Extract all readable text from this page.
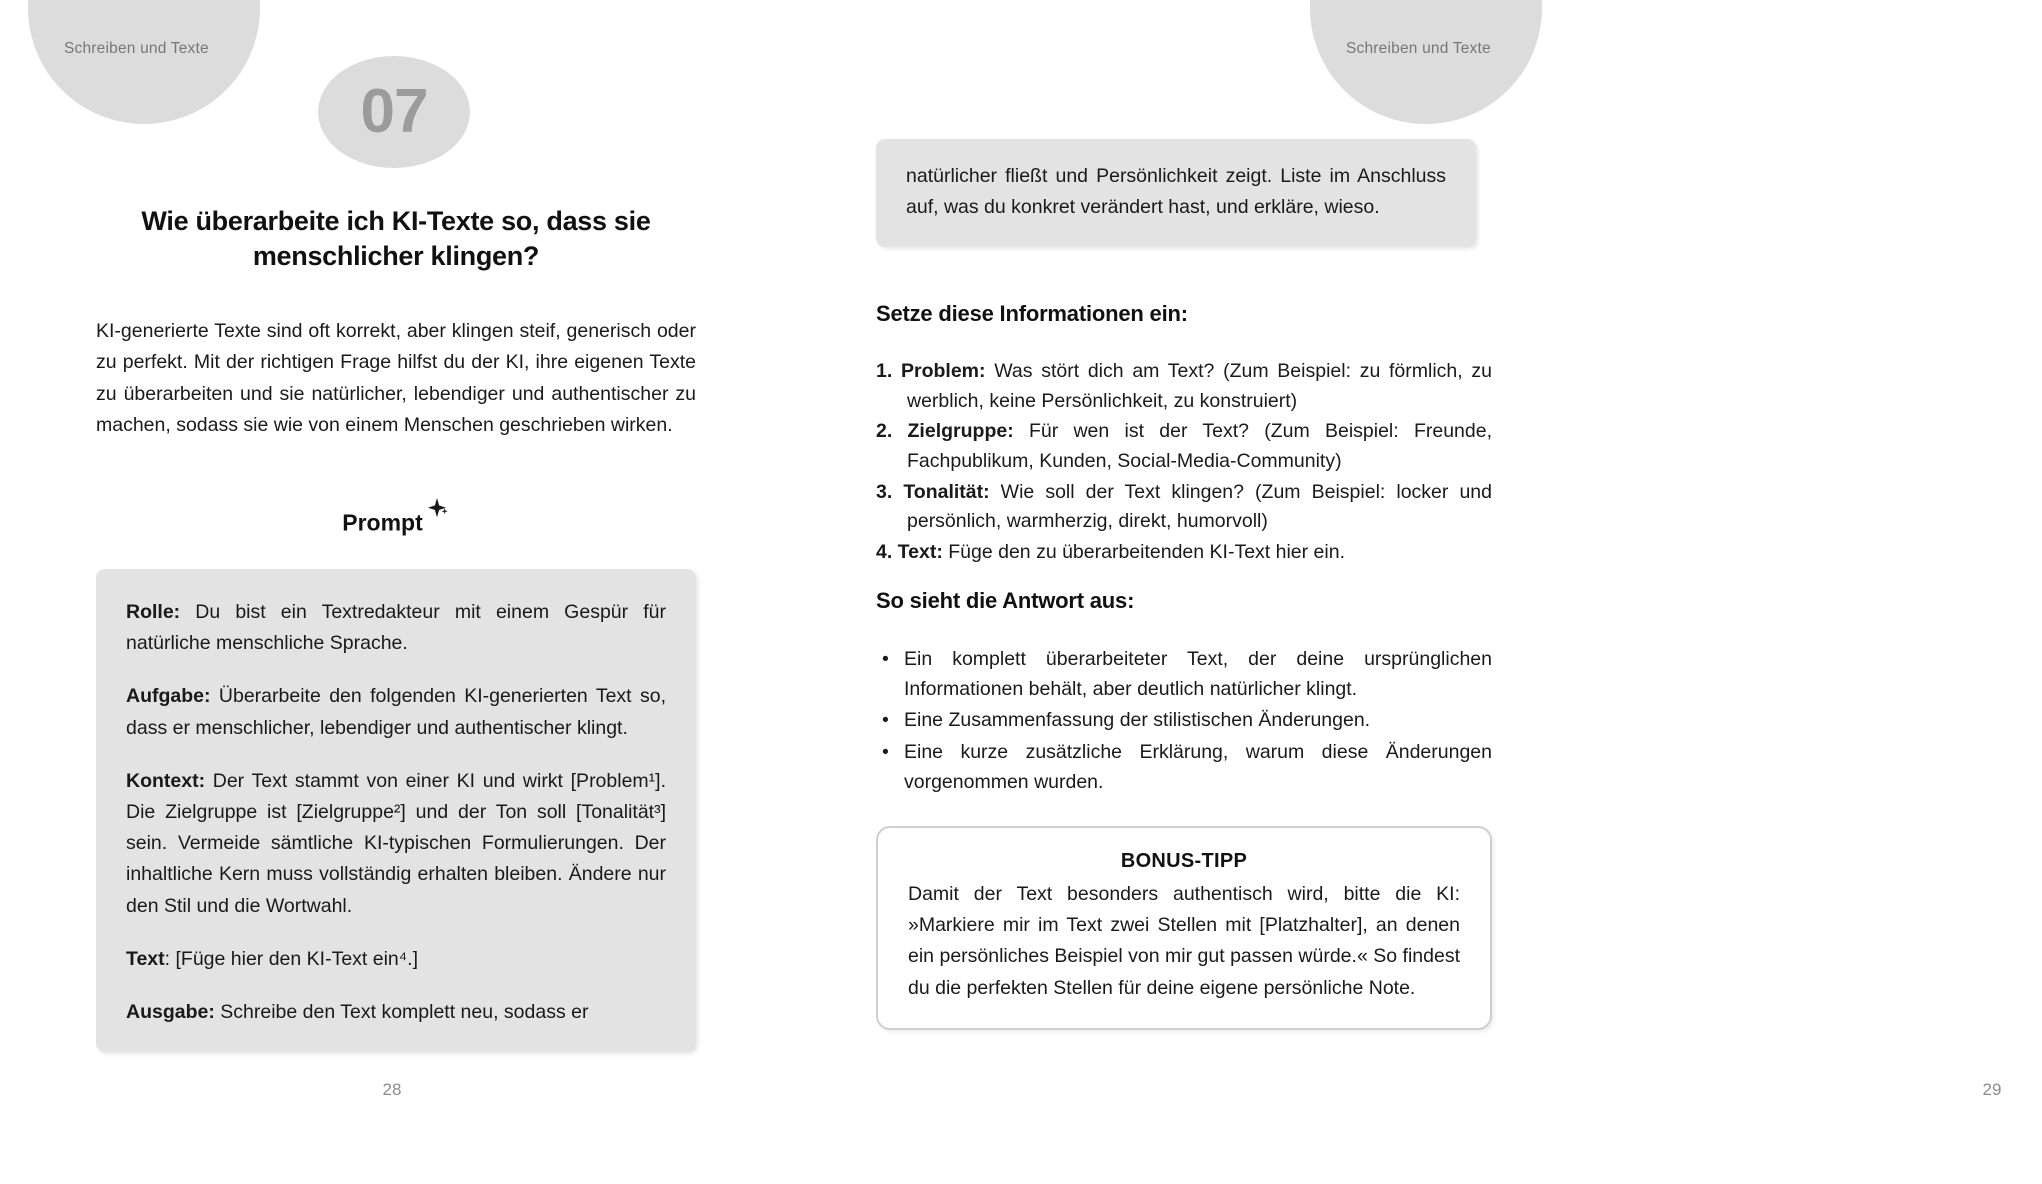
Schreiben und Texte	Schreiben und Texte
07
Wie überarbeite ich KI-Texte so, dass sie menschlicher klingen?

KI-generierte Texte sind oft korrekt, aber klingen steif, generisch oder zu perfekt. Mit der richtigen Frage hilfst du der KI, ihre eigenen Texte zu überarbeiten und sie natürlicher, lebendiger und authentischer zu machen, sodass sie wie von einem Menschen geschrieben wirken.

Prompt

Rolle: Du bist ein Textredakteur mit einem Gespür für natürliche menschliche Sprache.

Aufgabe: Überarbeite den folgenden KI-generierten Text so, dass er menschlicher, lebendiger und authentischer klingt.

Kontext: Der Text stammt von einer KI und wirkt [Problem¹]. Die Zielgruppe ist [Zielgruppe²] und der Ton soll [Tonalität³] sein. Vermeide sämtliche KI-typischen Formulierungen. Der inhaltliche Kern muss vollständig erhalten bleiben. Ändere nur den Stil und die Wortwahl.

Text: [Füge hier den KI-Text ein⁴.]

Ausgabe: Schreibe den Text komplett neu, sodass er

28

natürlicher fließt und Persönlichkeit zeigt. Liste im Anschluss auf, was du konkret verändert hast, und erkläre, wieso.

Setze diese Informationen ein:
1. Problem: Was stört dich am Text? (Zum Beispiel: zu förmlich, zu werblich, keine Persönlichkeit, zu konstruiert)
2. Zielgruppe: Für wen ist der Text? (Zum Beispiel: Freunde, Fachpublikum, Kunden, Social-Media-Community)
3. Tonalität: Wie soll der Text klingen? (Zum Beispiel: locker und persönlich, warmherzig, direkt, humorvoll)
4. Text: Füge den zu überarbeitenden KI-Text hier ein.
So sieht die Antwort aus:
• Ein komplett überarbeiteter Text, der deine ursprünglichen Informationen behält, aber deutlich natürlicher klingt.
• Eine Zusammenfassung der stilistischen Änderungen.
• Eine kurze zusätzliche Erklärung, warum diese Änderungen vorgenommen wurden.
BONUS-TIPP
Damit der Text besonders authentisch wird, bitte die KI: »Markiere mir im Text zwei Stellen mit [Platzhalter], an denen ein persönliches Beispiel von mir gut passen würde.« So findest du die perfekten Stellen für deine eigene persönliche Note.
29
